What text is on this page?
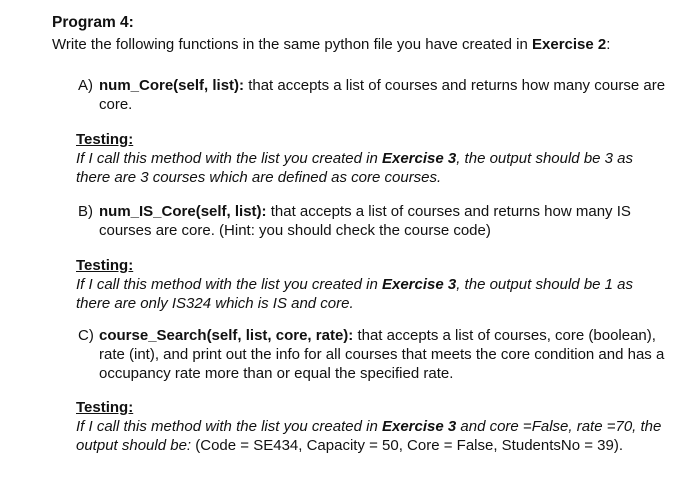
Program 4:
Write the following functions in the same python file you have created in Exercise 2:
A) num_Core(self, list): that accepts a list of courses and returns how many course are core.
Testing:
If I call this method with the list you created in Exercise 3, the output should be 3 as there are 3 courses which are defined as core courses.
B) num_IS_Core(self, list): that accepts a list of courses and returns how many IS courses are core. (Hint: you should check the course code)
Testing:
If I call this method with the list you created in Exercise 3, the output should be 1 as there are only IS324 which is IS and core.
C) course_Search(self, list, core, rate): that accepts a list of courses, core (boolean), rate (int), and print out the info for all courses that meets the core condition and has a occupancy rate more than or equal the specified rate.
Testing:
If I call this method with the list you created in Exercise 3 and core =False, rate =70, the output should be: (Code = SE434, Capacity = 50, Core = False, StudentsNo = 39).
